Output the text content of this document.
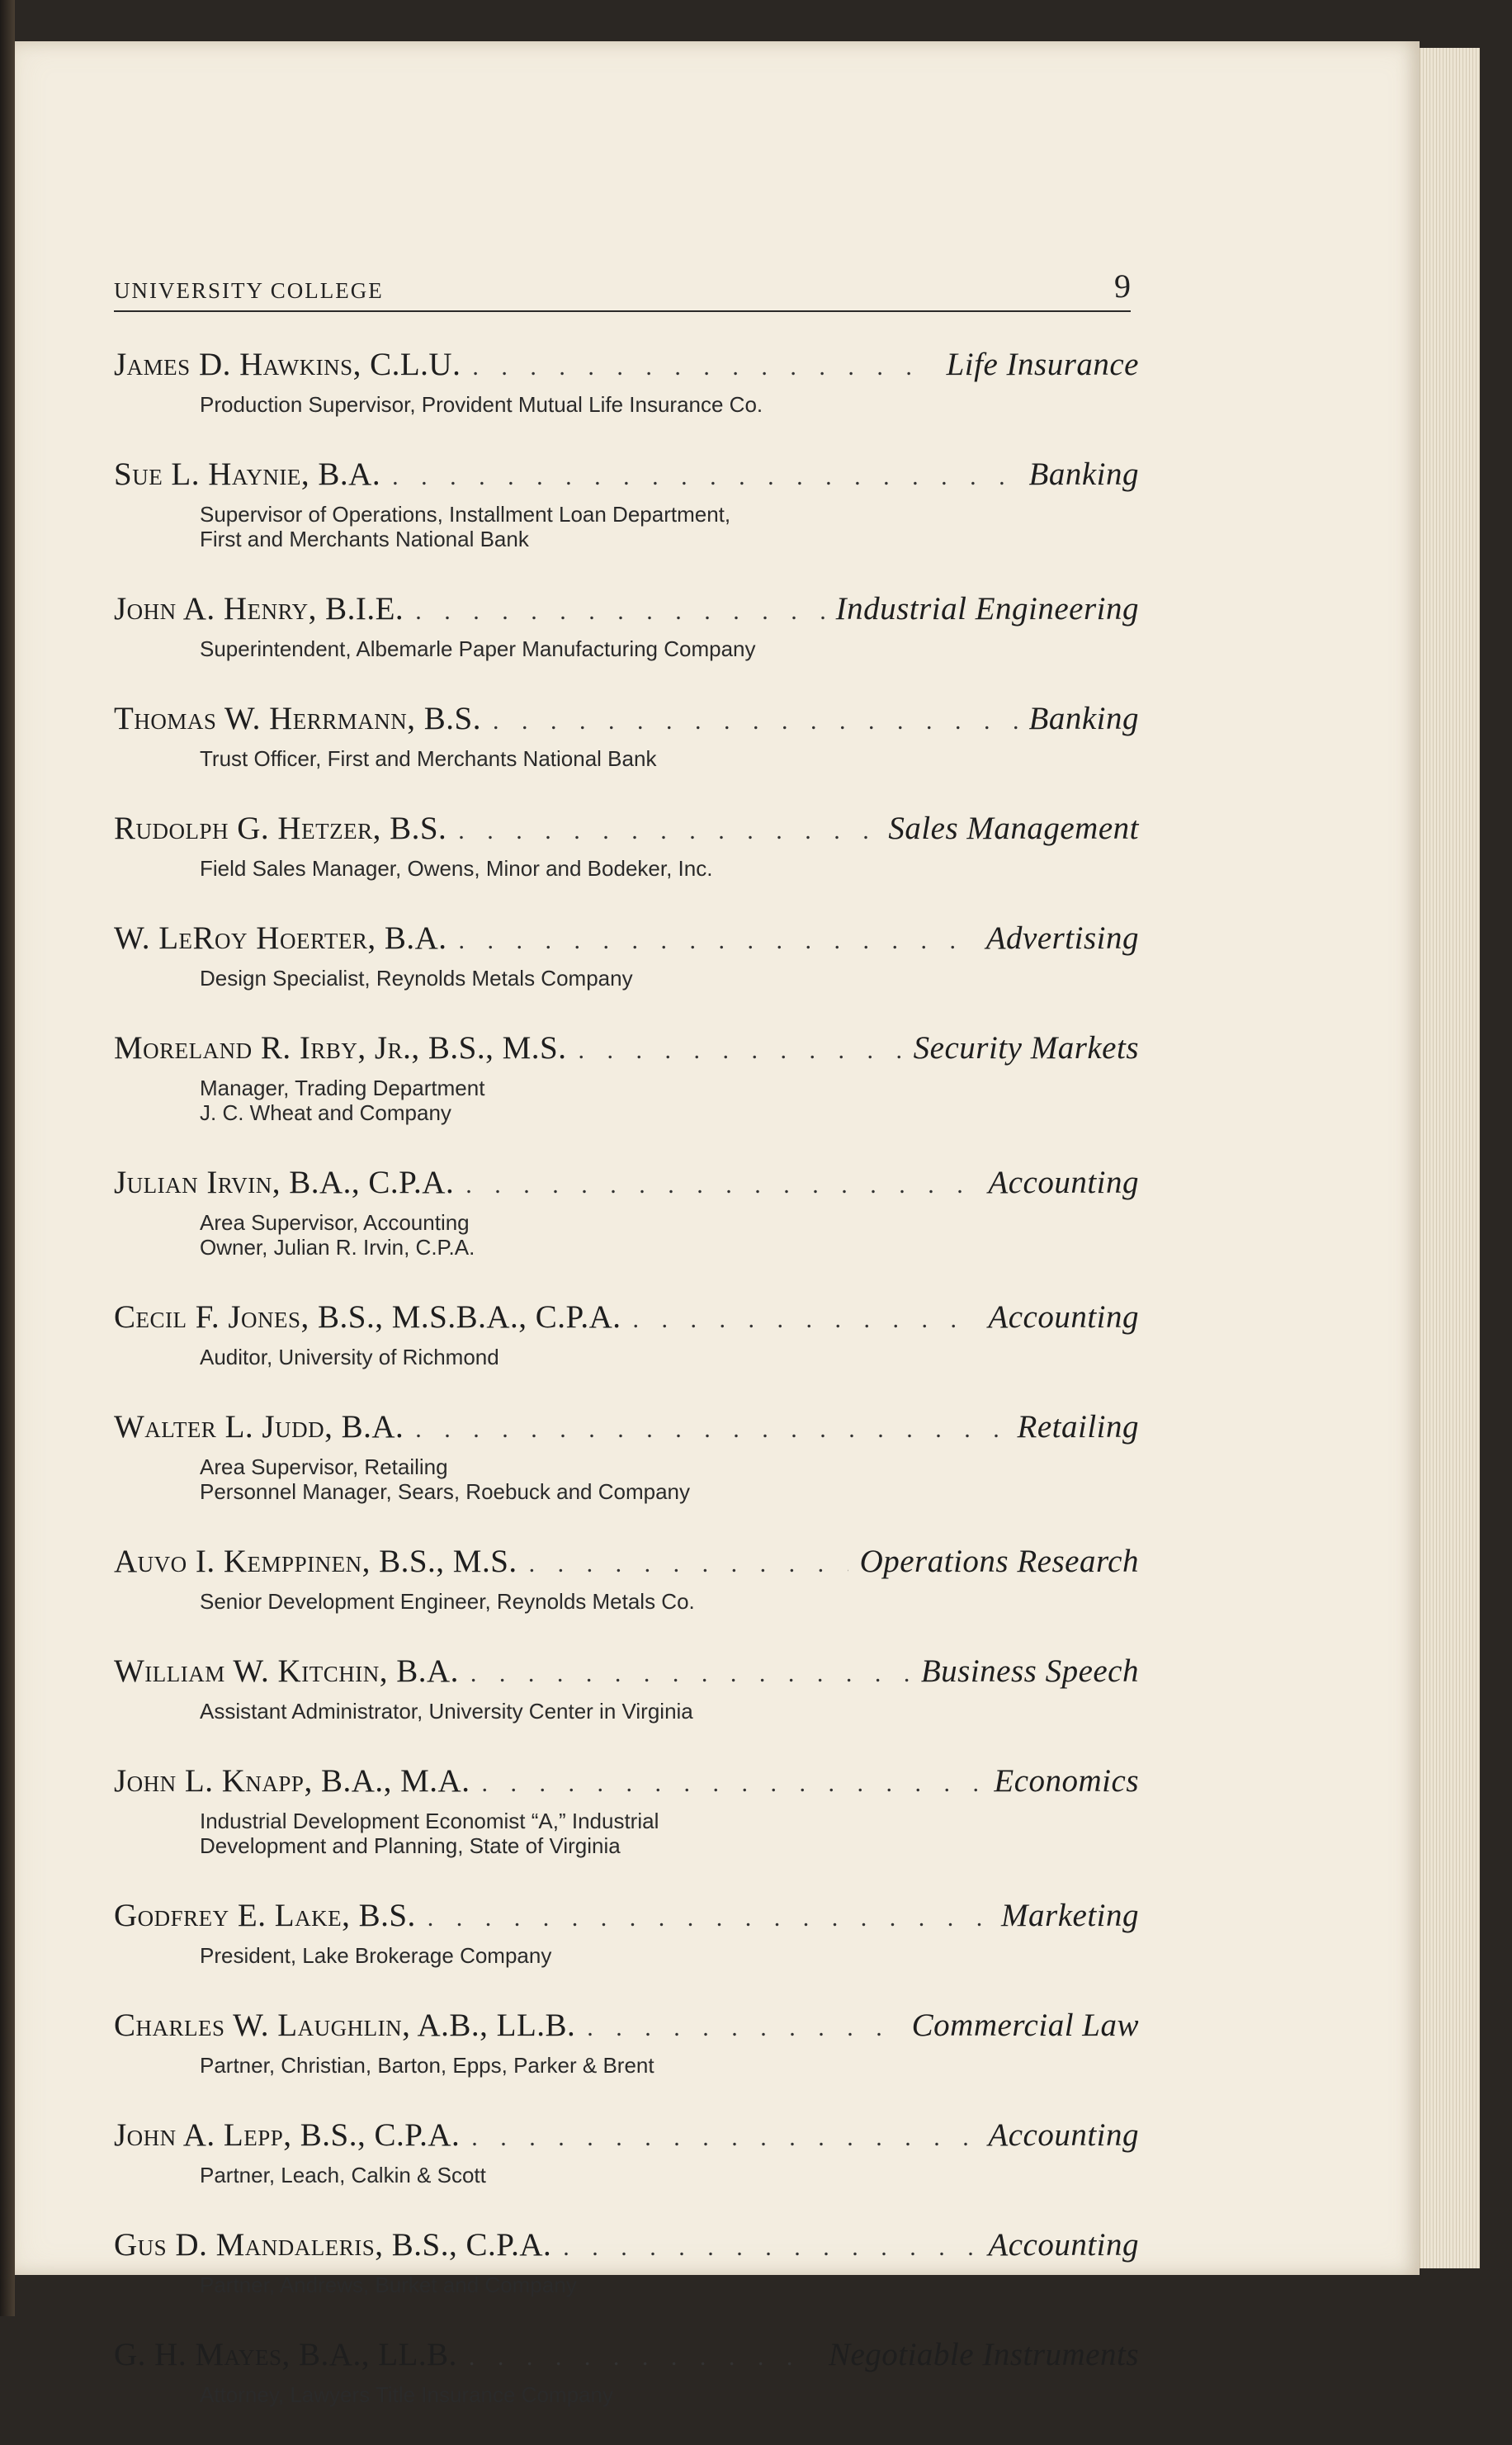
UNIVERSITY COLLEGE	9
James D. Hawkins, C.L.U. . . .	Life Insurance
Production Supervisor, Provident Mutual Life Insurance Co.
Sue L. Haynie, B.A. . . .	Banking
Supervisor of Operations, Installment Loan Department,
First and Merchants National Bank
John A. Henry, B.I.E. . . .	Industrial Engineering
Superintendent, Albemarle Paper Manufacturing Company
Thomas W. Herrmann, B.S. . . .	Banking
Trust Officer, First and Merchants National Bank
Rudolph G. Hetzer, B.S. . . .	Sales Management
Field Sales Manager, Owens, Minor and Bodeker, Inc.
W. LeRoy Hoerter, B.A. . . .	Advertising
Design Specialist, Reynolds Metals Company
Moreland R. Irby, Jr., B.S., M.S. . . .	Security Markets
Manager, Trading Department
J. C. Wheat and Company
Julian Irvin, B.A., C.P.A. . . .	Accounting
Area Supervisor, Accounting
Owner, Julian R. Irvin, C.P.A.
Cecil F. Jones, B.S., M.S.B.A., C.P.A. . . .	Accounting
Auditor, University of Richmond
Walter L. Judd, B.A. . . .	Retailing
Area Supervisor, Retailing
Personnel Manager, Sears, Roebuck and Company
Auvo I. Kemppinen, B.S., M.S. . . .	Operations Research
Senior Development Engineer, Reynolds Metals Co.
William W. Kitchin, B.A. . . .	Business Speech
Assistant Administrator, University Center in Virginia
John L. Knapp, B.A., M.A. . . .	Economics
Industrial Development Economist “A,” Industrial
Development and Planning, State of Virginia
Godfrey E. Lake, B.S. . . .	Marketing
President, Lake Brokerage Company
Charles W. Laughlin, A.B., LL.B. . . .	Commercial Law
Partner, Christian, Barton, Epps, Parker & Brent
John A. Lepp, B.S., C.P.A. . . .	Accounting
Partner, Leach, Calkin & Scott
Gus D. Mandaleris, B.S., C.P.A. . . .	Accounting
Partner, Andrews, Burket and Company
G. H. Mayes, B.A., LL.B. . . .	Negotiable Instruments
Attorney, Lawyers Title Insurance Company
